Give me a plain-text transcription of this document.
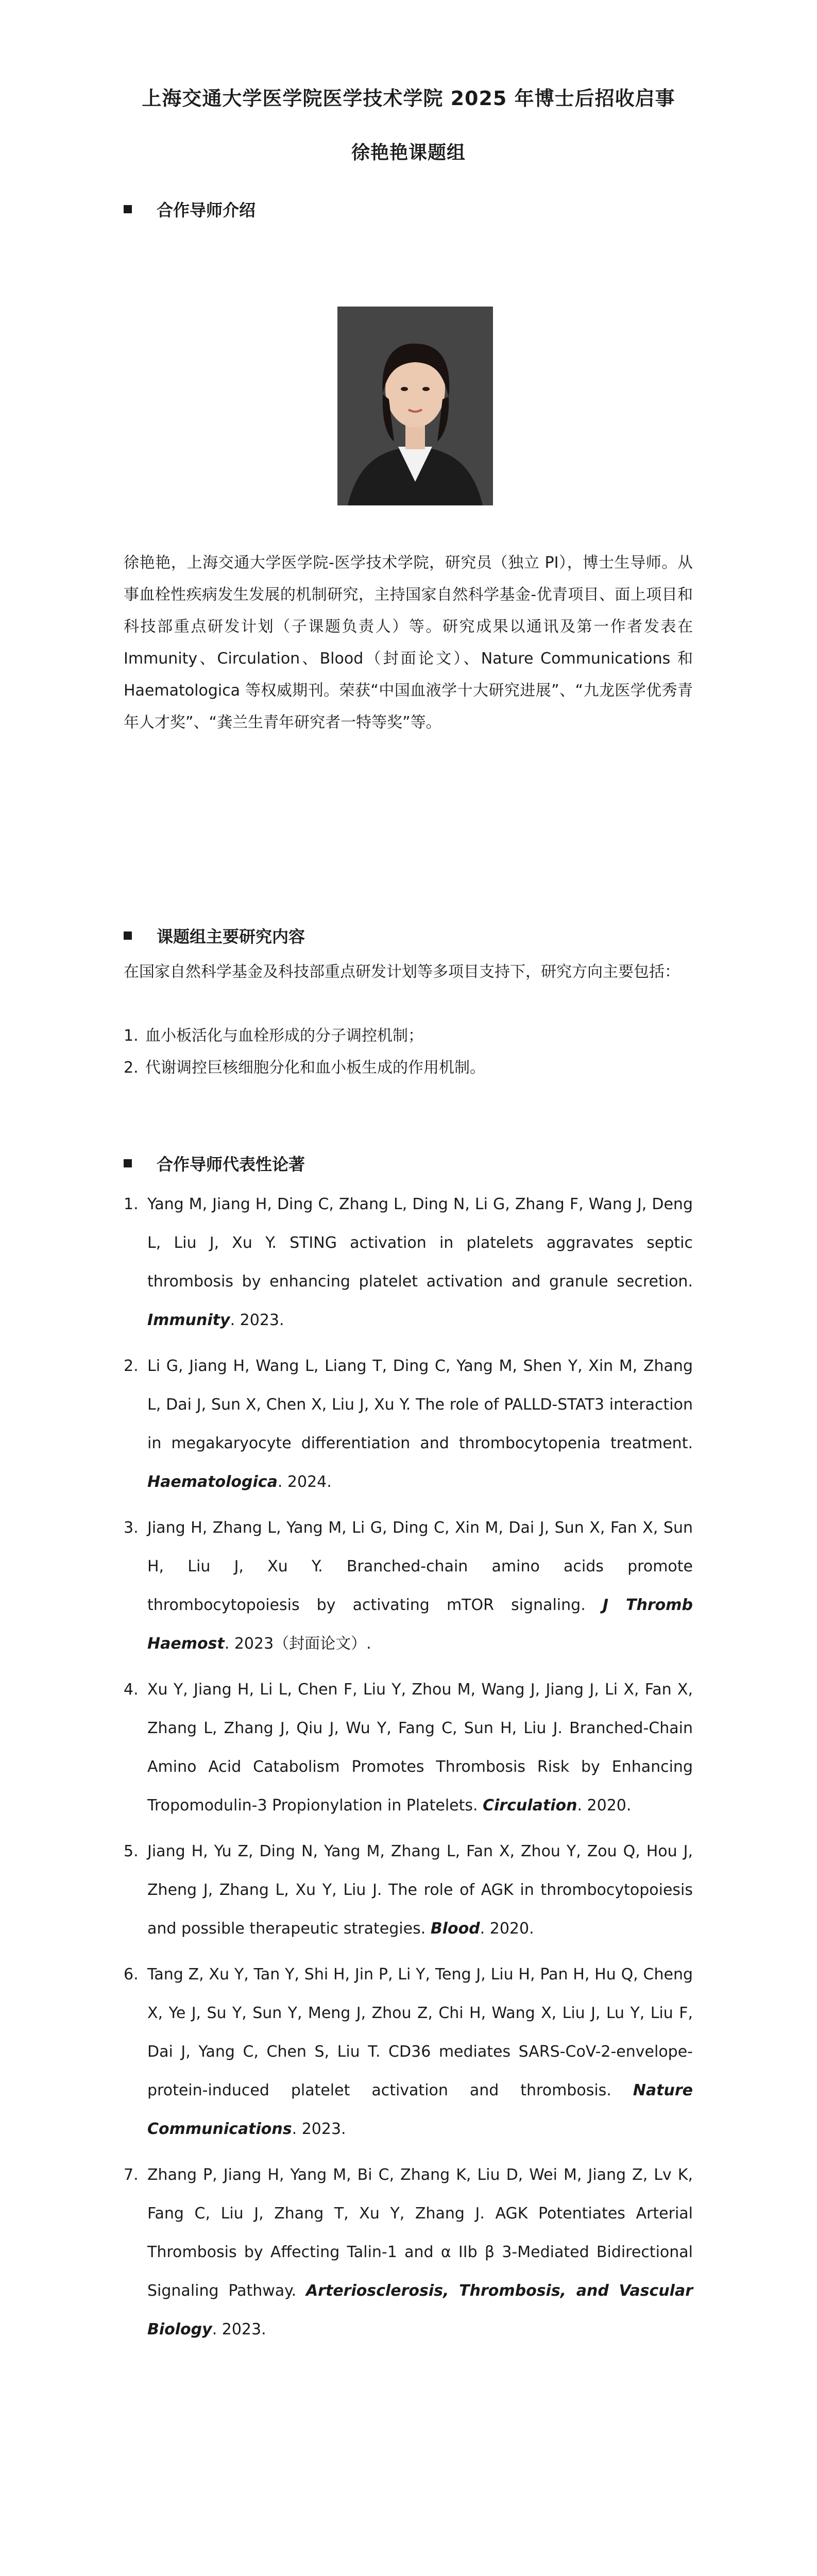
上海交通大学医学院医学技术学院 2025 年博士后招收启事
徐艳艳课题组
合作导师介绍
徐艳艳，上海交通大学医学院-医学技术学院，研究员（独立 PI），博士生导师。从事血栓性疾病发生发展的机制研究，主持国家自然科学基金-优青项目、面上项目和科技部重点研发计划（子课题负责人）等。研究成果以通讯及第一作者发表在 Immunity、Circulation、Blood（封面论文）、Nature Communications 和 Haematologica 等权威期刊。荣获“中国血液学十大研究进展”、“九龙医学优秀青年人才奖”、“龚兰生青年研究者一特等奖”等。
课题组主要研究内容
在国家自然科学基金及科技部重点研发计划等多项目支持下，研究方向主要包括：
1. 血小板活化与血栓形成的分子调控机制；
2. 代谢调控巨核细胞分化和血小板生成的作用机制。
合作导师代表性论著
1. Yang M, Jiang H, Ding C, Zhang L, Ding N, Li G, Zhang F, Wang J, Deng L, Liu J, Xu Y. STING activation in platelets aggravates septic thrombosis by enhancing platelet activation and granule secretion. Immunity. 2023.
2. Li G, Jiang H, Wang L, Liang T, Ding C, Yang M, Shen Y, Xin M, Zhang L, Dai J, Sun X, Chen X, Liu J, Xu Y. The role of PALLD-STAT3 interaction in megakaryocyte differentiation and thrombocytopenia treatment. Haematologica. 2024.
3. Jiang H, Zhang L, Yang M, Li G, Ding C, Xin M, Dai J, Sun X, Fan X, Sun H, Liu J, Xu Y. Branched-chain amino acids promote thrombocytopoiesis by activating mTOR signaling. J Thromb Haemost. 2023（封面论文）.
4. Xu Y, Jiang H, Li L, Chen F, Liu Y, Zhou M, Wang J, Jiang J, Li X, Fan X, Zhang L, Zhang J, Qiu J, Wu Y, Fang C, Sun H, Liu J. Branched-Chain Amino Acid Catabolism Promotes Thrombosis Risk by Enhancing Tropomodulin-3 Propionylation in Platelets. Circulation. 2020.
5. Jiang H, Yu Z, Ding N, Yang M, Zhang L, Fan X, Zhou Y, Zou Q, Hou J, Zheng J, Zhang L, Xu Y, Liu J. The role of AGK in thrombocytopoiesis and possible therapeutic strategies. Blood. 2020.
6. Tang Z, Xu Y, Tan Y, Shi H, Jin P, Li Y, Teng J, Liu H, Pan H, Hu Q, Cheng X, Ye J, Su Y, Sun Y, Meng J, Zhou Z, Chi H, Wang X, Liu J, Lu Y, Liu F, Dai J, Yang C, Chen S, Liu T. CD36 mediates SARS-CoV-2-envelope-protein-induced platelet activation and thrombosis. Nature Communications. 2023.
7. Zhang P, Jiang H, Yang M, Bi C, Zhang K, Liu D, Wei M, Jiang Z, Lv K, Fang C, Liu J, Zhang T, Xu Y, Zhang J. AGK Potentiates Arterial Thrombosis by Affecting Talin-1 and α IIb β 3-Mediated Bidirectional Signaling Pathway. Arteriosclerosis, Thrombosis, and Vascular Biology. 2023.
